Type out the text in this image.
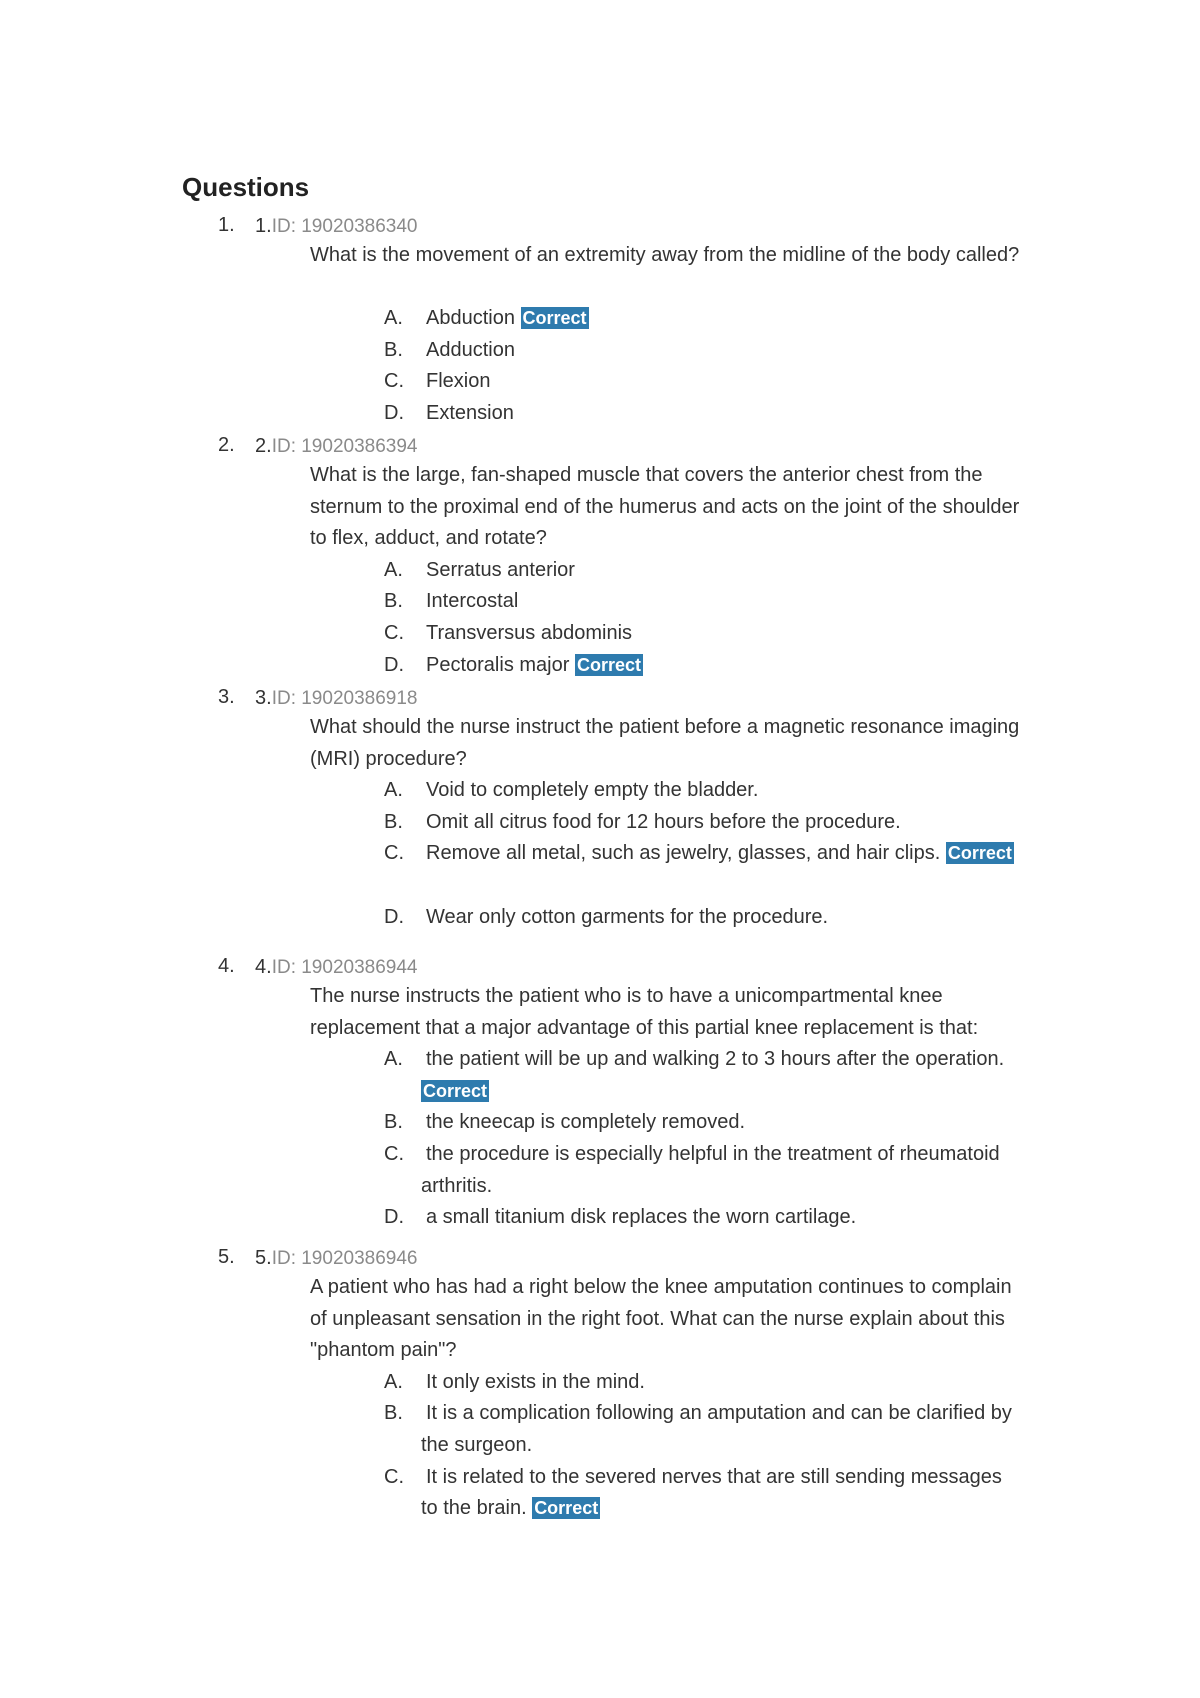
Questions
1. 1.ID: 19020386340
What is the movement of an extremity away from the midline of the body called?
A.	Abduction Correct
B.	Adduction
C.	Flexion
D.	Extension
2. 2.ID: 19020386394
What is the large, fan-shaped muscle that covers the anterior chest from the sternum to the proximal end of the humerus and acts on the joint of the shoulder to flex, adduct, and rotate?
A.	Serratus anterior
B.	Intercostal
C.	Transversus abdominis
D.	Pectoralis major Correct
3. 3.ID: 19020386918
What should the nurse instruct the patient before a magnetic resonance imaging (MRI) procedure?
A.	Void to completely empty the bladder.
B.	Omit all citrus food for 12 hours before the procedure.
C.	Remove all metal, such as jewelry, glasses, and hair clips. Correct
D.	Wear only cotton garments for the procedure.
4. 4.ID: 19020386944
The nurse instructs the patient who is to have a unicompartmental knee replacement that a major advantage of this partial knee replacement is that:
A.	the patient will be up and walking 2 to 3 hours after the operation. Correct
B.	the kneecap is completely removed.
C.	the procedure is especially helpful in the treatment of rheumatoid arthritis.
D.	a small titanium disk replaces the worn cartilage.
5. 5.ID: 19020386946
A patient who has had a right below the knee amputation continues to complain of unpleasant sensation in the right foot. What can the nurse explain about this "phantom pain"?
A.	It only exists in the mind.
B.	It is a complication following an amputation and can be clarified by the surgeon.
C.	It is related to the severed nerves that are still sending messages to the brain. Correct
